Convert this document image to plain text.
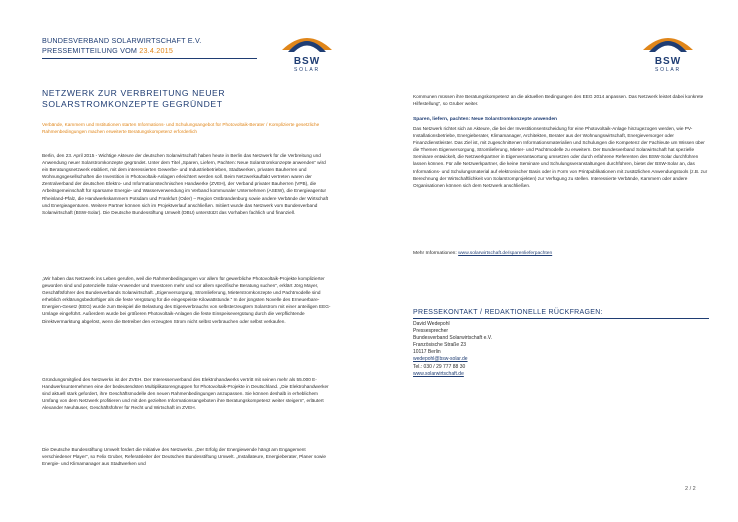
BUNDESVERBAND SOLARWIRTSCHAFT E.V.
PRESSEMITTEILUNG VOM 23.4.2015
BSW
SOLAR
NETZWERK ZUR VERBREITUNG NEUER
SOLARSTROMKONZEPTE GEGRÜNDET
Verbände, Kammern und Institutionen starten Informations- und Schulungsangebot für Photovoltaik-Berater / Komplizierte gesetzliche Rahmenbedingungen machen erweiterte Beratungskompetenz erforderlich
Berlin, den 23. April 2015 - Wichtige Akteure der deutschen Solarwirtschaft haben heute in Berlin das Netzwerk für die Verbreitung und Anwendung neuer Solarstromkonzepte gegründet. Unter dem Titel „Sparen, Liefern, Pachten: Neue Solarstromkonzepte anwenden“ wird ein Beratungsnetzwerk etabliert, mit dem interessierten Gewerbe- und Industriebetrieben, Stadtwerken, privaten Bauherren und Wohnungsgesellschaften die Investition in Photovoltaik-Anlagen erleichtert werden soll. Beim Netzwerkauftakt vertreten waren der Zentralverband der deutschen Elektro- und Informationstechnischen Handwerke (ZVEH), der Verband privater Bauherren (VPB), die Arbeitsgemeinschaft für sparsame Energie- und Wasserverwendung im Verband kommunaler Unternehmen (ASEW), die Energieagentur Rheinland-Pfalz, die Handwerkskammern Potsdam und Frankfurt (Oder) – Region Ostbrandenburg sowie andere Verbände der Wirtschaft und Energieagenturen. Weitere Partner können sich im Projektverlauf anschließen. Initiiert wurde das Netzwerk vom Bundesverband Solarwirtschaft (BSW-Solar). Die Deutsche Bundesstiftung Umwelt (DBU) unterstützt das Vorhaben fachlich und finanziell.
„Wir haben das Netzwerk ins Leben gerufen, weil die Rahmenbedingungen vor allem für gewerbliche Photovoltaik-Projekte komplizierter geworden sind und potenzielle Solar-Anwender und Investoren mehr und vor allem spezifische Beratung suchen“, erklärt Jörg Mayer, Geschäftsführer des Bundesverbands Solarwirtschaft. „Eigenversorgung, Stromlieferung, Mieterstromkonzepte und Pachtmodelle sind erheblich erklärungsbedürftiger als die feste Vergütung für die eingespeiste Kilowattstunde.“ In der jüngsten Novelle des Erneuerbare-Energien-Gesetz (EEG) wurde zum Beispiel die Belastung des Eigenverbrauchs von selbsterzeugtem Solarstrom mit einer anteiligen EEG-Umlage eingeführt. Außerdem wurde bei größeren Photovoltaik-Anlagen die feste Einspeisevergütung durch die verpflichtende Direktvermarktung abgelöst, wenn die Betreiber den erzeugten Strom nicht selbst verbrauchen oder selbst verkaufen.
Gründungsmitglied des Netzwerks ist der ZVEH. Der Interessenverband des Elektrohandwerks vertritt mit seinen mehr als 55.000 E-Handwerksunternehmen eine der bedeutendsten Multiplikatorengruppen für Photovoltaik-Projekte in Deutschland. „Die Elektrohandwerker sind aktuell stark gefordert, ihre Geschäftsmodelle den neuen Rahmenbedingungen anzupassen. Sie können deshalb in erheblichem Umfang von dem Netzwerk profitieren und mit den gezielten Informationsangeboten ihre Beratungskompetenz weiter steigern“, erläutert Alexander Neuhäuser, Geschäftsführer für Recht und Wirtschaft im ZVEH.
Die Deutsche Bundesstiftung Umwelt fördert die Initiative des Netzwerks. „Der Erfolg der Energiewende hängt am Engagement verschiedener Player“, so Felix Gruber, Referatsleiter der Deutschen Bundesstiftung Umwelt. „Installateure, Energieberater, Planer sowie Energie- und Klimamanager aus Stadtwerken und
BSW
SOLAR
Kommunen müssen ihre Beratungskompetenz an die aktuellen Bedingungen des EEG 2014 anpassen. Das Netzwerk leistet dabei konkrete Hilfestellung“, so Gruber weiter.
Sparen, liefern, pachten: Neue Solarstromkonzepte anwenden
Das Netzwerk richtet sich an Akteure, die bei der Investitionsentscheidung für eine Photovoltaik-Anlage hinzugezogen werden, wie PV-Installationsbetriebe, Energieberater, Klimamanager, Architekten, Berater aus der Wohnungswirtschaft, Energieversorger oder Finanzdienstleister. Das Ziel ist, mit zugeschnittenen Informationsmaterialien und Schulungen die Kompetenz der Fachleute um Wissen über die Themen Eigenversorgung, Stromlieferung, Mieter- und Pachtmodelle zu erweitern. Der Bundesverband Solarwirtschaft hat spezielle Seminare entwickelt, die Netzwerkpartner in Eigenverantwortung umsetzen oder durch erfahrene Referenten des BSW-Solar durchführen lassen können. Für alle Netzwerkpartner, die keine Seminare und Schulungsveranstaltungen durchführen, bietet der BSW-Solar an, das Informations- und Schulungsmaterial auf elektronischer Basis oder in Form von Printpublikationen mit zusätzlichen Anwendungstools (z.B. zur Berechnung der Wirtschaftlichkeit von Solarstromprojekten) zur Verfügung zu stellen. Interessierte Verbände, Kammern oder andere Organisationen können sich dem Netzwerk anschließen.
Mehr Informationen: www.solarwirtschaft.de/sparenlieferpachten
PRESSEKONTAKT / REDAKTIONELLE RÜCKFRAGEN:
David Wedepohl
Pressesprecher
Bundesverband Solarwirtschaft e.V.
Französische Straße 23
10117 Berlin
wedepohl@bsw-solar.de
Tel.: 030 / 29 777 88 30
www.solarwirtschaft.de
2 / 2
